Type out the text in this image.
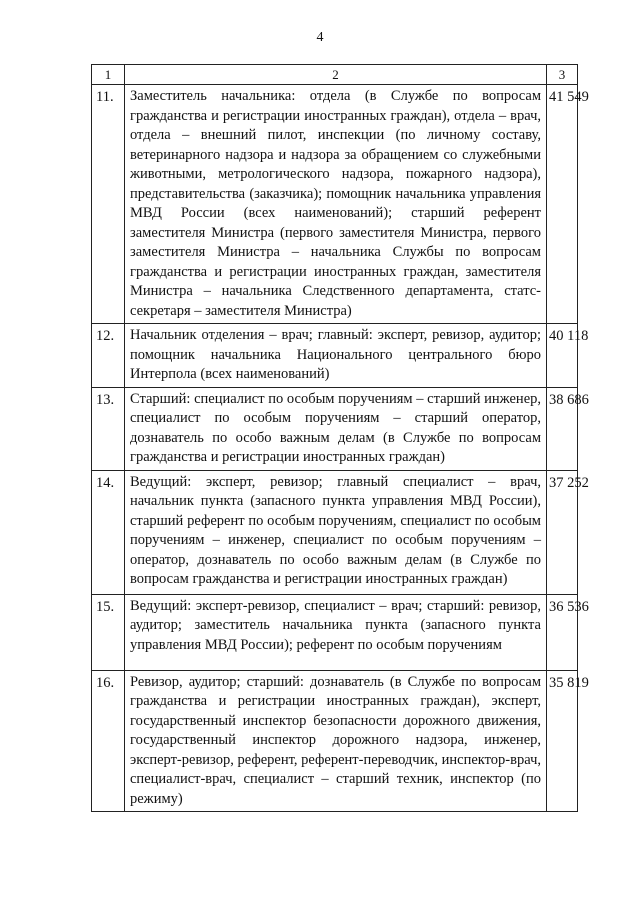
4
1	2	3
11.	Заместитель начальника: отдела (в Службе по вопросам гражданства и регистрации иностранных граждан), отдела – врач, отдела – внешний пилот, инспекции (по личному составу, ветеринарного надзора и надзора за обращением со служебными животными, метрологического надзора, пожарного надзора), представительства (заказчика); помощник начальника управления МВД России (всех наименований); старший референт заместителя Министра (первого заместителя Министра, первого заместителя Министра – начальника Службы по вопросам гражданства и регистрации иностранных граждан, заместителя Министра – начальника Следственного департамента, статс-секретаря – заместителя Министра)	41 549
12.	Начальник отделения – врач; главный: эксперт, ревизор, аудитор; помощник начальника Национального центрального бюро Интерпола (всех наименований)	40 118
13.	Старший: специалист по особым поручениям – старший инженер, специалист по особым поручениям – старший оператор, дознаватель по особо важным делам (в Службе по вопросам гражданства и регистрации иностранных граждан)	38 686
14.	Ведущий: эксперт, ревизор; главный специалист – врач, начальник пункта (запасного пункта управления МВД России), старший референт по особым поручениям, специалист по особым поручениям – инженер, специалист по особым поручениям – оператор, дознаватель по особо важным делам (в Службе по вопросам гражданства и регистрации иностранных граждан)	37 252
15.	Ведущий: эксперт-ревизор, специалист – врач; старший: ревизор, аудитор; заместитель начальника пункта (запасного пункта управления МВД России); референт по особым поручениям	36 536
16.	Ревизор, аудитор; старший: дознаватель (в Службе по вопросам гражданства и регистрации иностранных граждан), эксперт, государственный инспектор безопасности дорожного движения, государственный инспектор дорожного надзора, инженер, эксперт-ревизор, референт, референт-переводчик, инспектор-врач, специалист-врач, специалист – старший техник, инспектор (по режиму)	35 819
